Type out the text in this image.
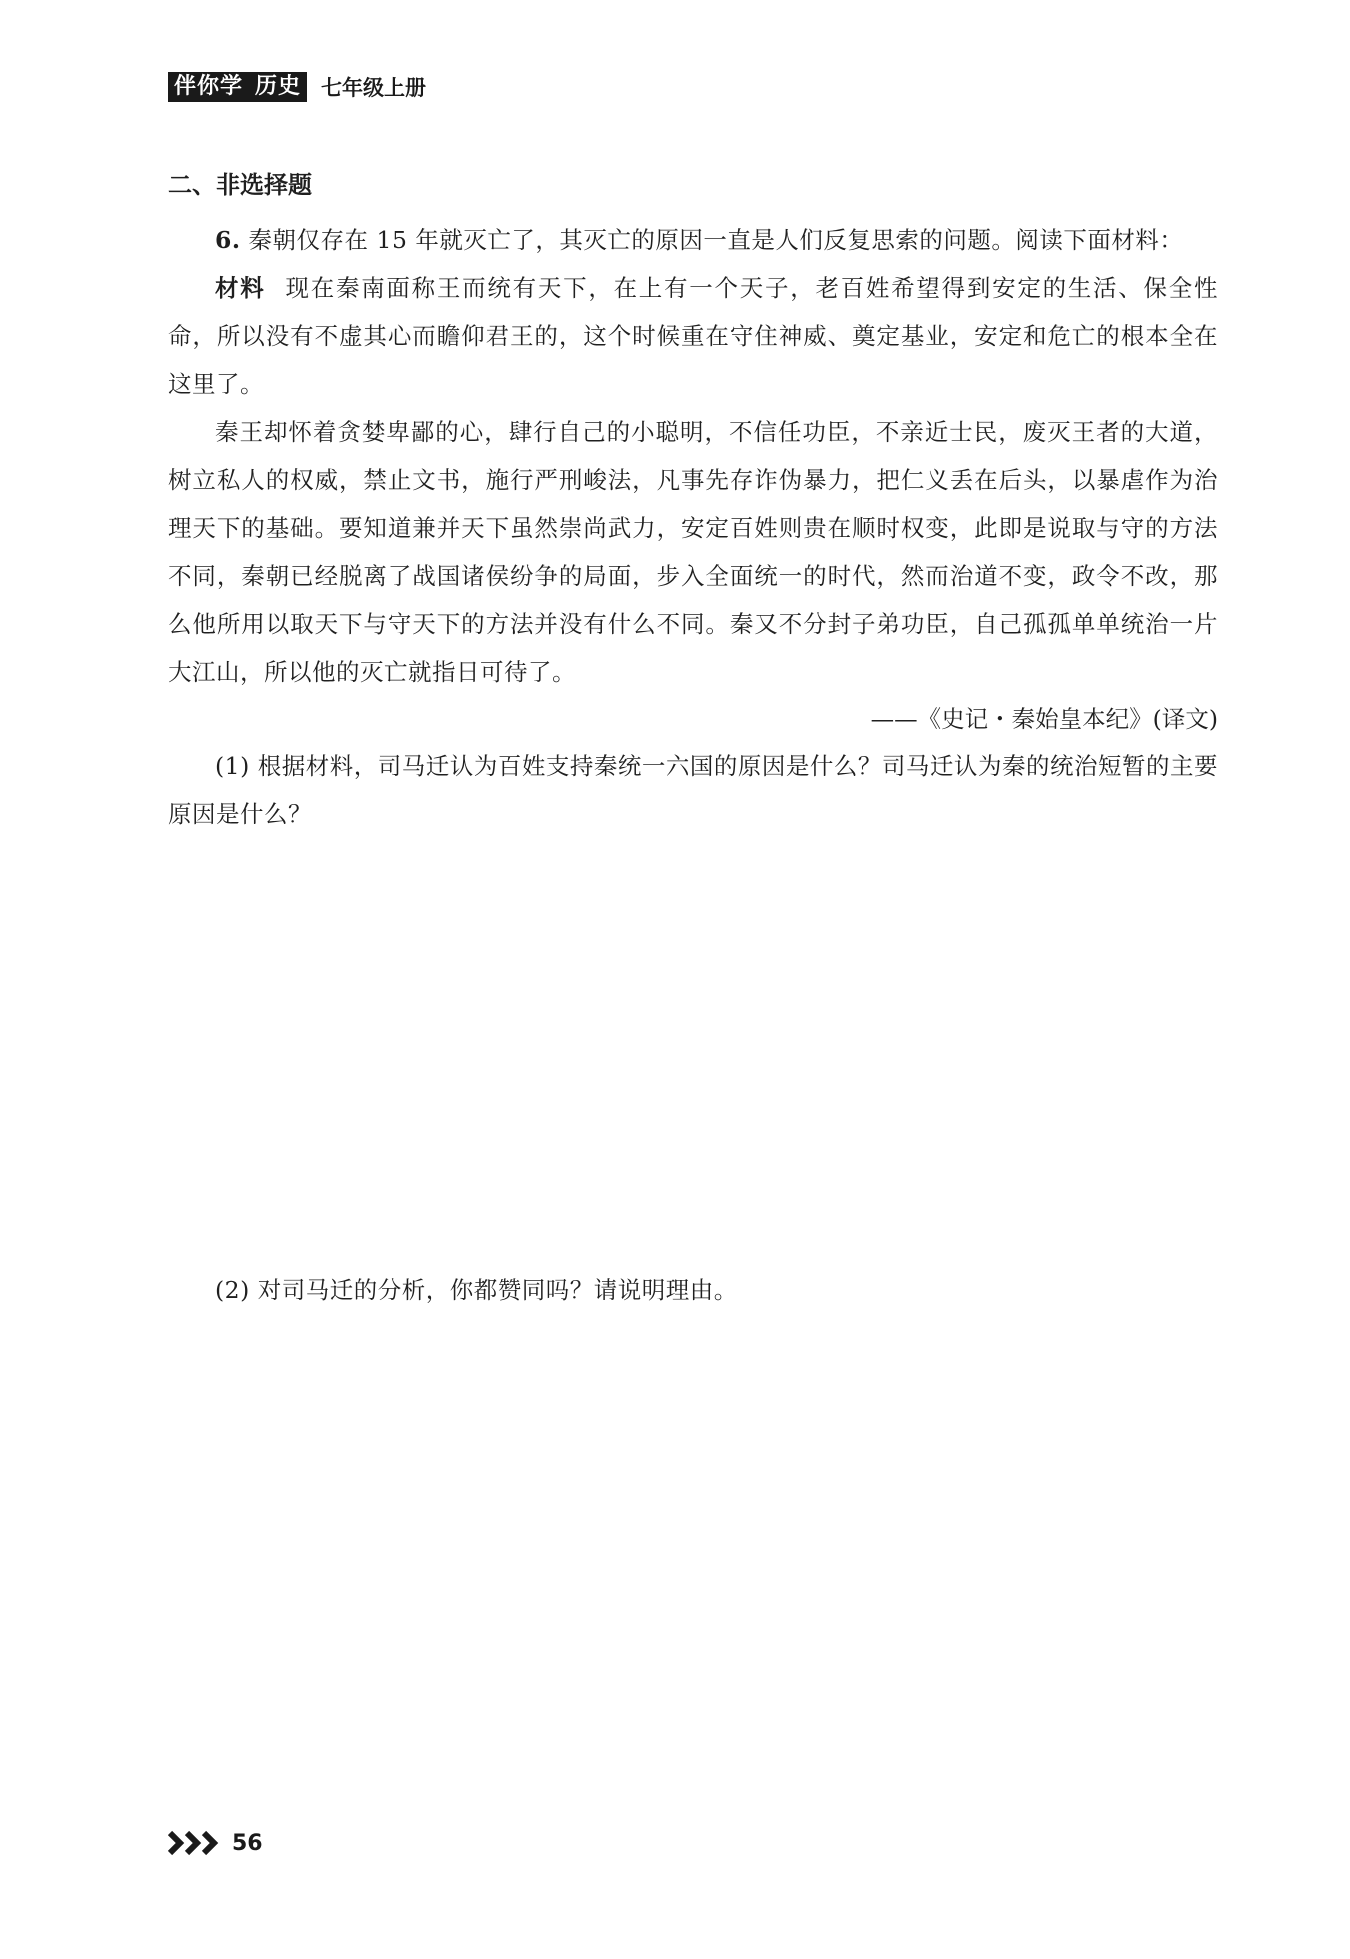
伴你学 历史 七年级上册

二、非选择题

6. 秦朝仅存在 15 年就灭亡了，其灭亡的原因一直是人们反复思索的问题。阅读下面材料：

材料 现在秦南面称王而统有天下，在上有一个天子，老百姓希望得到安定的生活、保全性命，所以没有不虚其心而瞻仰君王的，这个时候重在守住神威、奠定基业，安定和危亡的根本全在这里了。

秦王却怀着贪婪卑鄙的心，肆行自己的小聪明，不信任功臣，不亲近士民，废灭王者的大道，树立私人的权威，禁止文书，施行严刑峻法，凡事先存诈伪暴力，把仁义丢在后头，以暴虐作为治理天下的基础。要知道兼并天下虽然崇尚武力，安定百姓则贵在顺时权变，此即是说取与守的方法不同，秦朝已经脱离了战国诸侯纷争的局面，步入全面统一的时代，然而治道不变，政令不改，那么他所用以取天下与守天下的方法并没有什么不同。秦又不分封子弟功臣，自己孤孤单单统治一片大江山，所以他的灭亡就指日可待了。

——《史记・秦始皇本纪》(译文)

(1) 根据材料，司马迁认为百姓支持秦统一六国的原因是什么？司马迁认为秦的统治短暂的主要原因是什么？

(2) 对司马迁的分析，你都赞同吗？请说明理由。

56
